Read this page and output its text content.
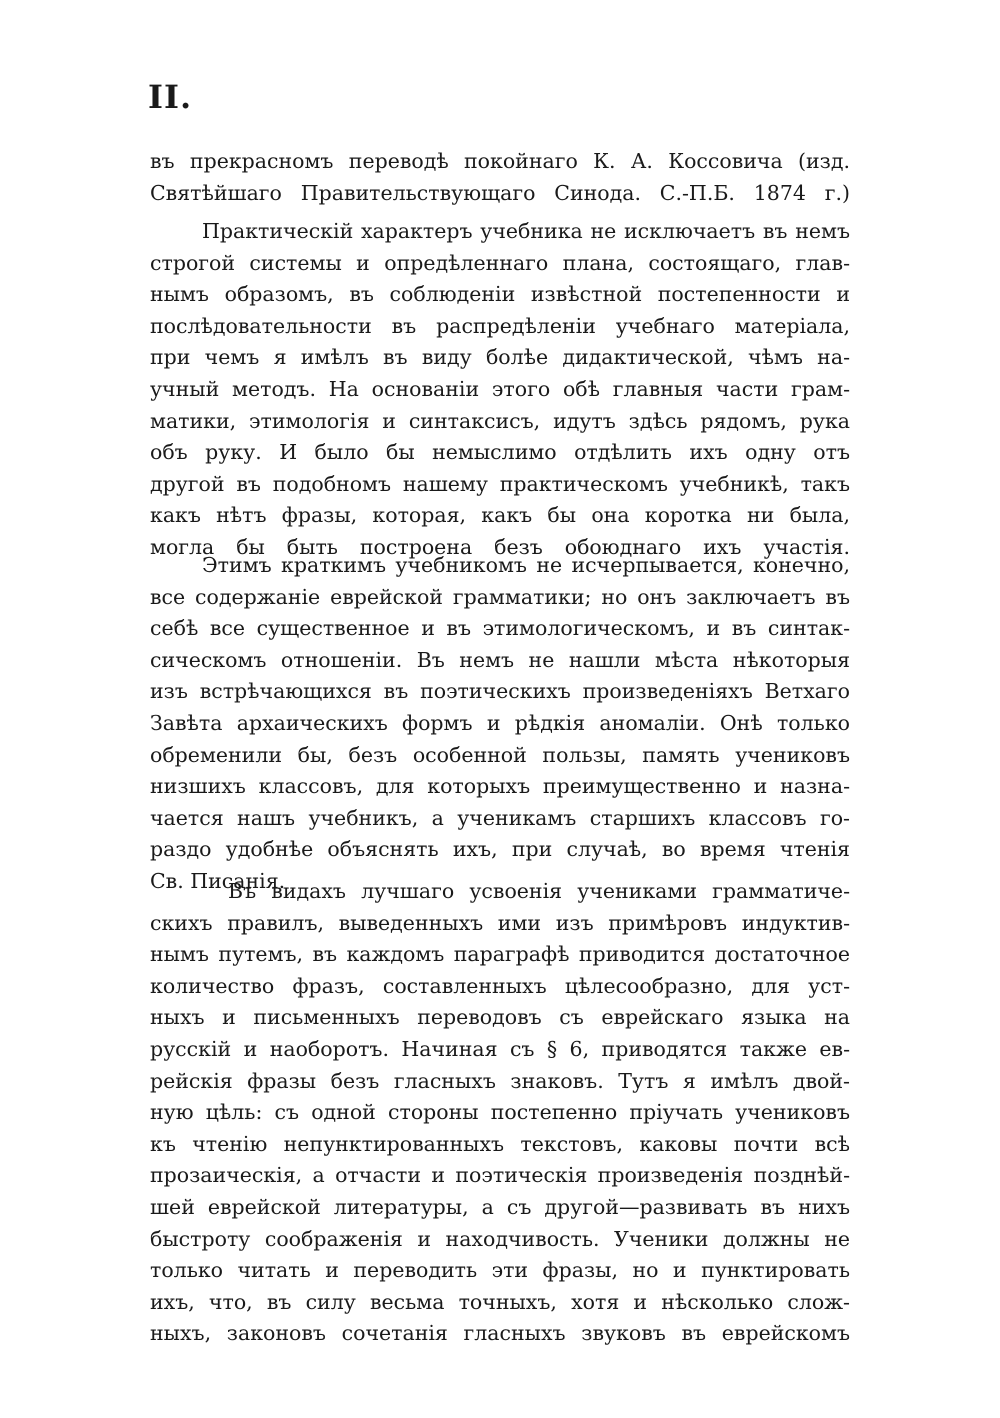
II.
въ прекрасномъ переводѣ покойнаго К. А. Коссовича (изд.
Святѣйшаго Правительствующаго Синода. С.-П.Б. 1874 г.)
Практическій характеръ учебника не исключаетъ въ немъ
строгой системы и опредѣленнаго плана, состоящаго, глав-
нымъ образомъ, въ соблюденіи извѣстной постепенности и
послѣдовательности въ распредѣленіи учебнаго матеріала,
при чемъ я имѣлъ въ виду болѣе дидактической, чѣмъ на-
учный методъ. На основаніи этого обѣ главныя части грам-
матики, этимологія и синтаксисъ, идутъ здѣсь рядомъ, рука
объ руку. И было бы немыслимо отдѣлить ихъ одну отъ
другой въ подобномъ нашему практическомъ учебникѣ, такъ
какъ нѣтъ фразы, которая, какъ бы она коротка ни была,
могла бы быть построена безъ обоюднаго ихъ участія.
Этимъ краткимъ учебникомъ не исчерпывается, конечно,
все содержаніе еврейской грамматики; но онъ заключаетъ въ
себѣ все существенное и въ этимологическомъ, и въ синтак-
сическомъ отношеніи. Въ немъ не нашли мѣста нѣкоторыя
изъ встрѣчающихся въ поэтическихъ произведеніяхъ Ветхаго
Завѣта архаическихъ формъ и рѣдкія аномаліи. Онѣ только
обременили бы, безъ особенной пользы, память учениковъ
низшихъ классовъ, для которыхъ преимущественно и назна-
чается нашъ учебникъ, а ученикамъ старшихъ классовъ го-
раздо удобнѣе объяснять ихъ, при случаѣ, во время чтенія
Св. Писанія.
Въ видахъ лучшаго усвоенія учениками грамматиче-
скихъ правилъ, выведенныхъ ими изъ примѣровъ индуктив-
нымъ путемъ, въ каждомъ параграфѣ приводится достаточное
количество фразъ, составленныхъ цѣлесообразно, для уст-
ныхъ и письменныхъ переводовъ съ еврейскаго языка на
русскій и наоборотъ. Начиная съ § 6, приводятся также ев-
рейскія фразы безъ гласныхъ знаковъ. Тутъ я имѣлъ двой-
ную цѣль: съ одной стороны постепенно пріучать учениковъ
къ чтенію непунктированныхъ текстовъ, каковы почти всѣ
прозаическія, а отчасти и поэтическія произведенія позднѣй-
шей еврейской литературы, а съ другой—развивать въ нихъ
быстроту соображенія и находчивость. Ученики должны не
только читать и переводить эти фразы, но и пунктировать
ихъ, что, въ силу весьма точныхъ, хотя и нѣсколько слож-
ныхъ, законовъ сочетанія гласныхъ звуковъ въ еврейскомъ
